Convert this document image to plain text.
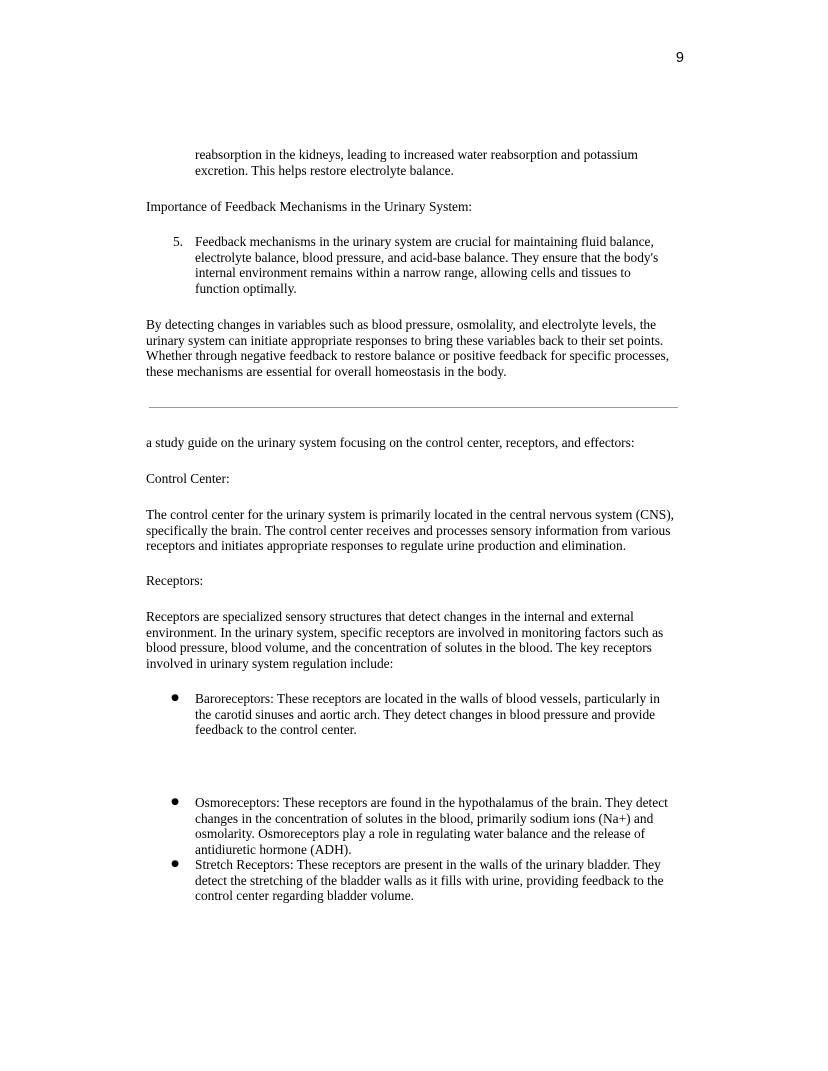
9

reabsorption in the kidneys, leading to increased water reabsorption and potassium excretion. This helps restore electrolyte balance.

Importance of Feedback Mechanisms in the Urinary System:

5. Feedback mechanisms in the urinary system are crucial for maintaining fluid balance, electrolyte balance, blood pressure, and acid-base balance. They ensure that the body's internal environment remains within a narrow range, allowing cells and tissues to function optimally.

By detecting changes in variables such as blood pressure, osmolality, and electrolyte levels, the urinary system can initiate appropriate responses to bring these variables back to their set points. Whether through negative feedback to restore balance or positive feedback for specific processes, these mechanisms are essential for overall homeostasis in the body.

a study guide on the urinary system focusing on the control center, receptors, and effectors:

Control Center:

The control center for the urinary system is primarily located in the central nervous system (CNS), specifically the brain. The control center receives and processes sensory information from various receptors and initiates appropriate responses to regulate urine production and elimination.

Receptors:

Receptors are specialized sensory structures that detect changes in the internal and external environment. In the urinary system, specific receptors are involved in monitoring factors such as blood pressure, blood volume, and the concentration of solutes in the blood. The key receptors involved in urinary system regulation include:

● Baroreceptors: These receptors are located in the walls of blood vessels, particularly in the carotid sinuses and aortic arch. They detect changes in blood pressure and provide feedback to the control center.
● Osmoreceptors: These receptors are found in the hypothalamus of the brain. They detect changes in the concentration of solutes in the blood, primarily sodium ions (Na+) and osmolarity. Osmoreceptors play a role in regulating water balance and the release of antidiuretic hormone (ADH).
● Stretch Receptors: These receptors are present in the walls of the urinary bladder. They detect the stretching of the bladder walls as it fills with urine, providing feedback to the control center regarding bladder volume.
